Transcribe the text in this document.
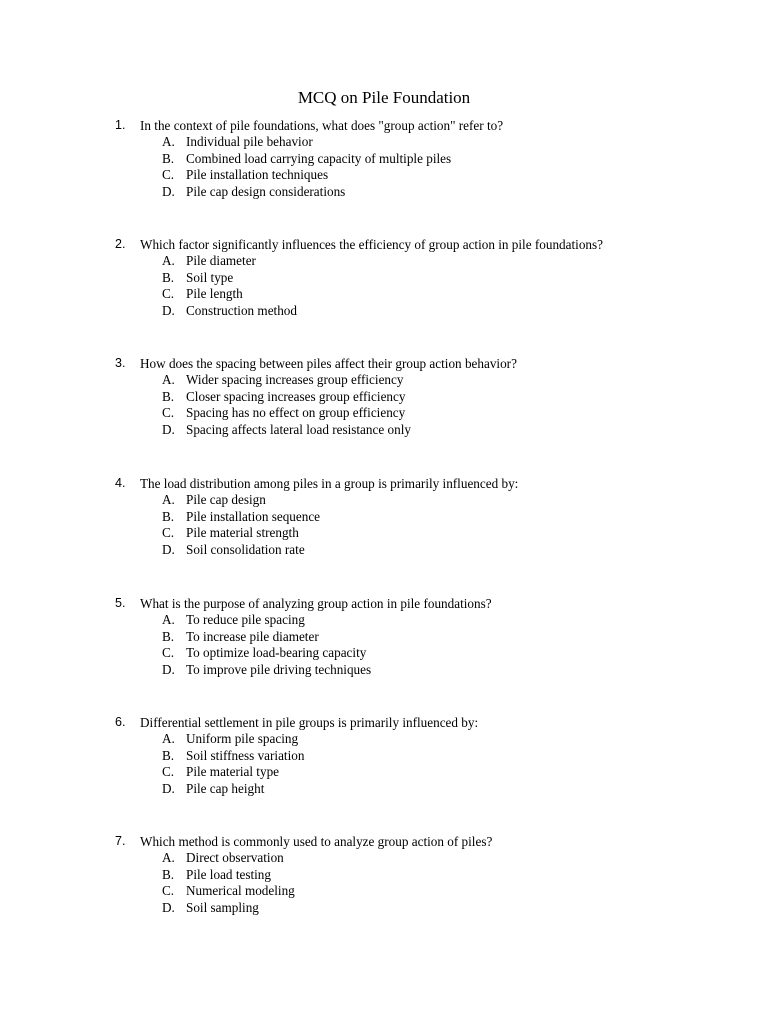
MCQ on Pile Foundation
1. In the context of pile foundations, what does "group action" refer to?
A. Individual pile behavior
B. Combined load carrying capacity of multiple piles
C. Pile installation techniques
D. Pile cap design considerations
2. Which factor significantly influences the efficiency of group action in pile foundations?
A. Pile diameter
B. Soil type
C. Pile length
D. Construction method
3. How does the spacing between piles affect their group action behavior?
A. Wider spacing increases group efficiency
B. Closer spacing increases group efficiency
C. Spacing has no effect on group efficiency
D. Spacing affects lateral load resistance only
4. The load distribution among piles in a group is primarily influenced by:
A. Pile cap design
B. Pile installation sequence
C. Pile material strength
D. Soil consolidation rate
5. What is the purpose of analyzing group action in pile foundations?
A. To reduce pile spacing
B. To increase pile diameter
C. To optimize load-bearing capacity
D. To improve pile driving techniques
6. Differential settlement in pile groups is primarily influenced by:
A. Uniform pile spacing
B. Soil stiffness variation
C. Pile material type
D. Pile cap height
7. Which method is commonly used to analyze group action of piles?
A. Direct observation
B. Pile load testing
C. Numerical modeling
D. Soil sampling
